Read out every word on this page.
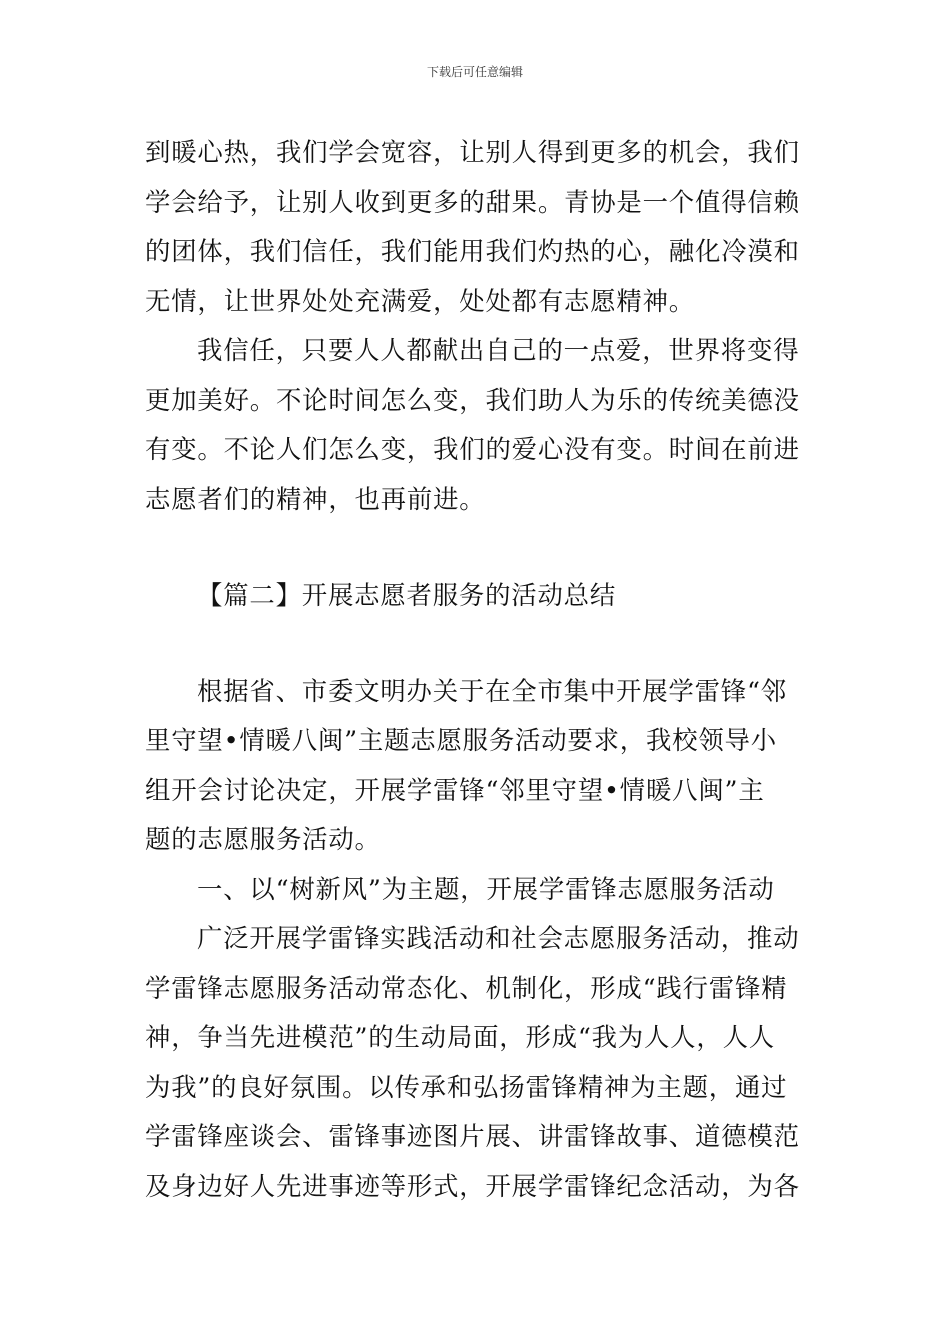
下载后可任意编辑

到暖心热，我们学会宽容，让别人得到更多的机会，我们
学会给予，让别人收到更多的甜果。青协是一个值得信赖
的团体，我们信任，我们能用我们灼热的心，融化冷漠和
无情，让世界处处充满爱，处处都有志愿精神。

我信任，只要人人都献出自己的一点爱，世界将变得
更加美好。不论时间怎么变，我们助人为乐的传统美德没
有变。不论人们怎么变，我们的爱心没有变。时间在前进
志愿者们的精神，也再前进。

【篇二】开展志愿者服务的活动总结

根据省、市委文明办关于在全市集中开展学雷锋“邻
里守望•情暖八闽”主题志愿服务活动要求，我校领导小
组开会讨论决定，开展学雷锋“邻里守望•情暖八闽”主
题的志愿服务活动。

一、以“树新风”为主题，开展学雷锋志愿服务活动

广泛开展学雷锋实践活动和社会志愿服务活动，推动
学雷锋志愿服务活动常态化、机制化，形成“践行雷锋精
神，争当先进模范”的生动局面，形成“我为人人，人人
为我”的良好氛围。以传承和弘扬雷锋精神为主题，通过
学雷锋座谈会、雷锋事迹图片展、讲雷锋故事、道德模范
及身边好人先进事迹等形式，开展学雷锋纪念活动，为各
